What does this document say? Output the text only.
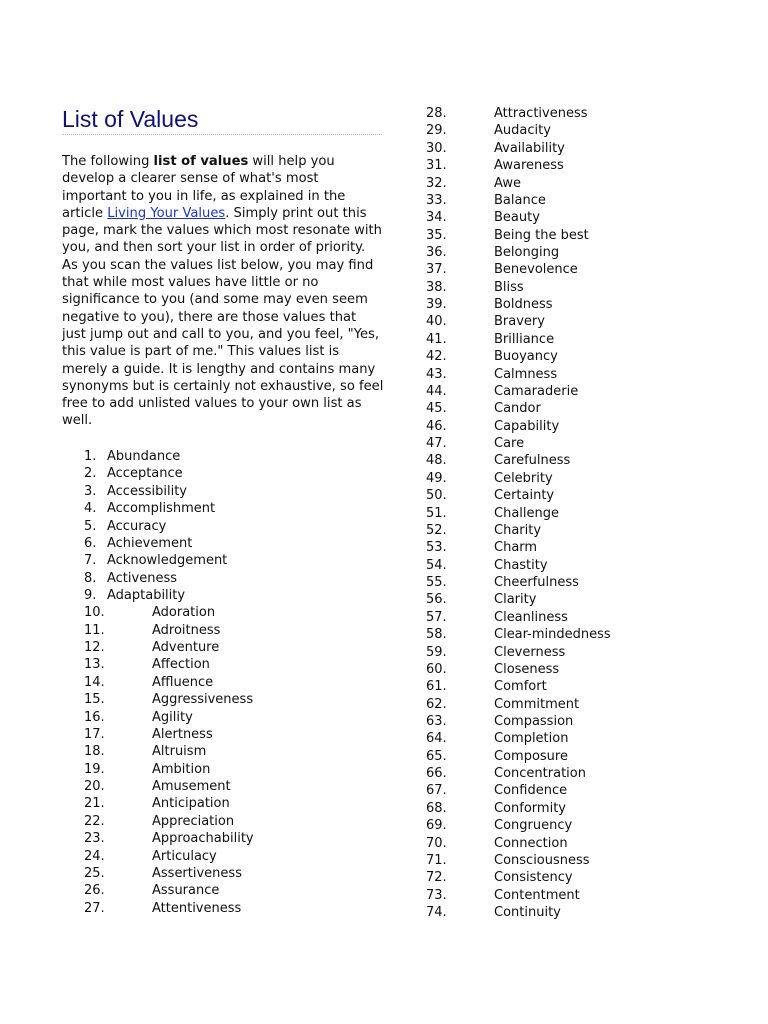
List of Values

The following list of values will help you develop a clearer sense of what's most important to you in life, as explained in the article Living Your Values. Simply print out this page, mark the values which most resonate with you, and then sort your list in order of priority. As you scan the values list below, you may find that while most values have little or no significance to you (and some may even seem negative to you), there are those values that just jump out and call to you, and you feel, "Yes, this value is part of me." This values list is merely a guide. It is lengthy and contains many synonyms but is certainly not exhaustive, so feel free to add unlisted values to your own list as well.

1. Abundance
2. Acceptance
3. Accessibility
4. Accomplishment
5. Accuracy
6. Achievement
7. Acknowledgement
8. Activeness
9. Adaptability
10.	Adoration
11.	Adroitness
12.	Adventure
13.	Affection
14.	Affluence
15.	Aggressiveness
16.	Agility
17.	Alertness
18.	Altruism
19.	Ambition
20.	Amusement
21.	Anticipation
22.	Appreciation
23.	Approachability
24.	Articulacy
25.	Assertiveness
26.	Assurance
27.	Attentiveness
28.	Attractiveness
29.	Audacity
30.	Availability
31.	Awareness
32.	Awe
33.	Balance
34.	Beauty
35.	Being the best
36.	Belonging
37.	Benevolence
38.	Bliss
39.	Boldness
40.	Bravery
41.	Brilliance
42.	Buoyancy
43.	Calmness
44.	Camaraderie
45.	Candor
46.	Capability
47.	Care
48.	Carefulness
49.	Celebrity
50.	Certainty
51.	Challenge
52.	Charity
53.	Charm
54.	Chastity
55.	Cheerfulness
56.	Clarity
57.	Cleanliness
58.	Clear-mindedness
59.	Cleverness
60.	Closeness
61.	Comfort
62.	Commitment
63.	Compassion
64.	Completion
65.	Composure
66.	Concentration
67.	Confidence
68.	Conformity
69.	Congruency
70.	Connection
71.	Consciousness
72.	Consistency
73.	Contentment
74.	Continuity
